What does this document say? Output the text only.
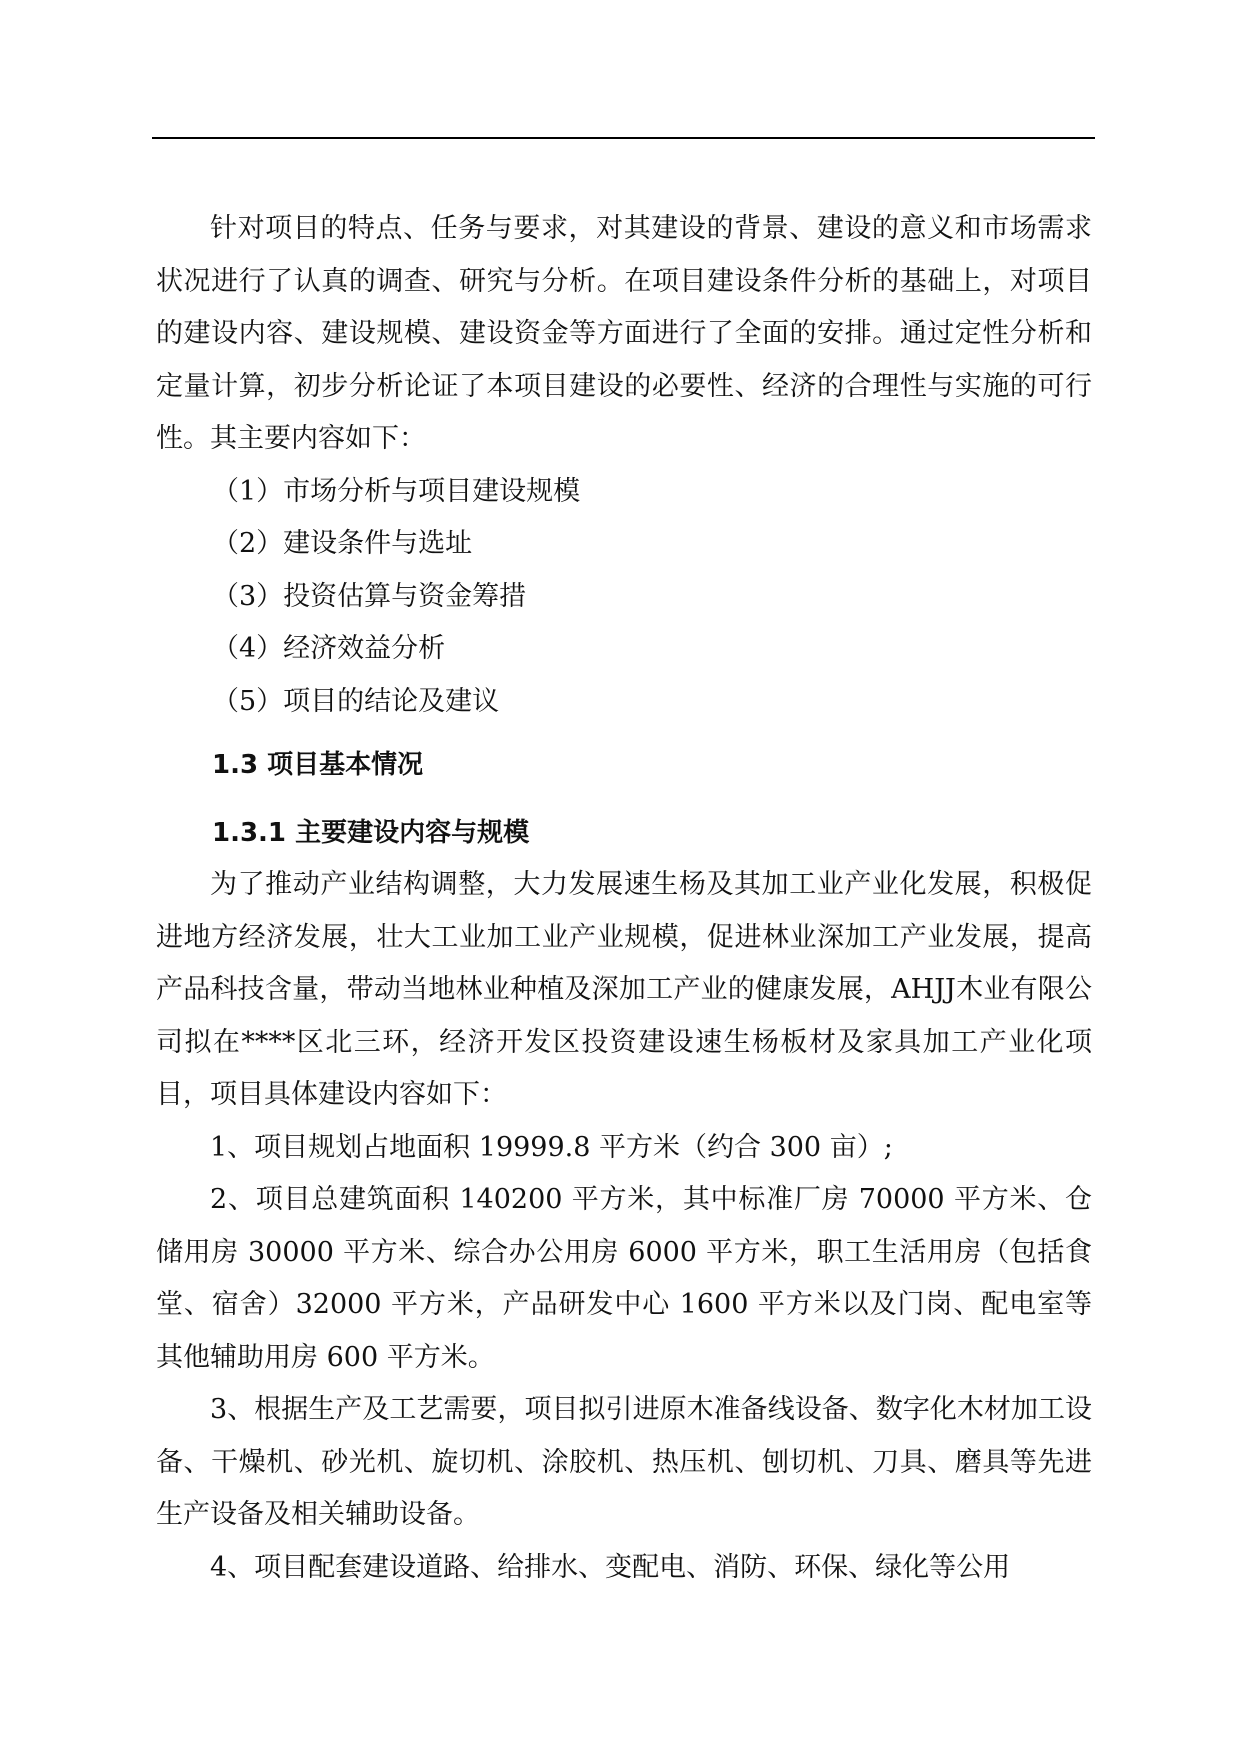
针对项目的特点、任务与要求，对其建设的背景、建设的意义和市场需求状况进行了认真的调查、研究与分析。在项目建设条件分析的基础上，对项目的建设内容、建设规模、建设资金等方面进行了全面的安排。通过定性分析和定量计算，初步分析论证了本项目建设的必要性、经济的合理性与实施的可行性。其主要内容如下：

（1）市场分析与项目建设规模

（2）建设条件与选址

（3）投资估算与资金筹措

（4）经济效益分析

（5）项目的结论及建议

1.3 项目基本情况
1.3.1 主要建设内容与规模

为了推动产业结构调整，大力发展速生杨及其加工业产业化发展，积极促进地方经济发展，壮大工业加工业产业规模，促进林业深加工产业发展，提高产品科技含量，带动当地林业种植及深加工产业的健康发展，AHJJ木业有限公司拟在****区北三环，经济开发区投资建设速生杨板材及家具加工产业化项目，项目具体建设内容如下：

1、项目规划占地面积 19999.8 平方米（约合 300 亩）;

2、项目总建筑面积 140200 平方米，其中标准厂房 70000 平方米、仓储用房 30000 平方米、综合办公用房 6000 平方米，职工生活用房（包括食堂、宿舍）32000 平方米，产品研发中心 1600 平方米以及门岗、配电室等其他辅助用房 600 平方米。

3、根据生产及工艺需要，项目拟引进原木准备线设备、数字化木材加工设备、干燥机、砂光机、旋切机、涂胶机、热压机、刨切机、刀具、磨具等先进生产设备及相关辅助设备。

4、项目配套建设道路、给排水、变配电、消防、环保、绿化等公用
